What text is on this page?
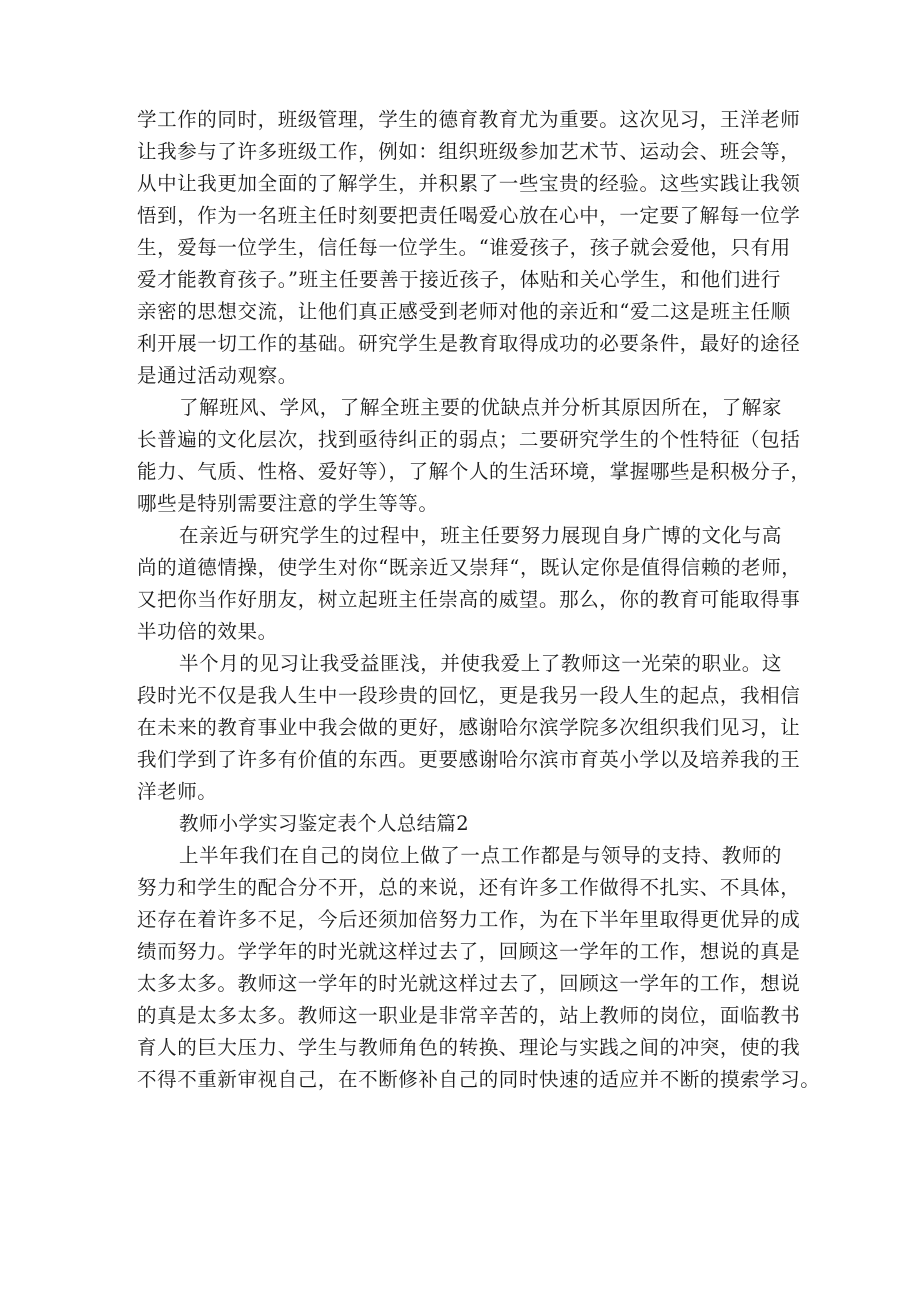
学工作的同时，班级管理，学生的德育教育尤为重要。这次见习，王洋老师
让我参与了许多班级工作，例如：组织班级参加艺术节、运动会、班会等，
从中让我更加全面的了解学生，并积累了一些宝贵的经验。这些实践让我领
悟到，作为一名班主任时刻要把责任喝爱心放在心中，一定要了解每一位学
生，爱每一位学生，信任每一位学生。“谁爱孩子，孩子就会爱他，只有用
爱才能教育孩子。”班主任要善于接近孩子，体贴和关心学生，和他们进行
亲密的思想交流，让他们真正感受到老师对他的亲近和“爱二这是班主任顺
利开展一切工作的基础。研究学生是教育取得成功的必要条件，最好的途径
是通过活动观察。
了解班风、学风，了解全班主要的优缺点并分析其原因所在，了解家
长普遍的文化层次，找到亟待纠正的弱点；二要研究学生的个性特征（包括
能力、气质、性格、爱好等），了解个人的生活环境，掌握哪些是积极分子，
哪些是特别需要注意的学生等等。
在亲近与研究学生的过程中，班主任要努力展现自身广博的文化与高
尚的道德情操，使学生对你“既亲近又崇拜“，既认定你是值得信赖的老师，
又把你当作好朋友，树立起班主任崇高的威望。那么，你的教育可能取得事
半功倍的效果。
半个月的见习让我受益匪浅，并使我爱上了教师这一光荣的职业。这
段时光不仅是我人生中一段珍贵的回忆，更是我另一段人生的起点，我相信
在未来的教育事业中我会做的更好，感谢哈尔滨学院多次组织我们见习，让
我们学到了许多有价值的东西。更要感谢哈尔滨市育英小学以及培养我的王
洋老师。
教师小学实习鉴定表个人总结篇2
上半年我们在自己的岗位上做了一点工作都是与领导的支持、教师的
努力和学生的配合分不开，总的来说，还有许多工作做得不扎实、不具体，
还存在着许多不足，今后还须加倍努力工作，为在下半年里取得更优异的成
绩而努力。学学年的时光就这样过去了，回顾这一学年的工作，想说的真是
太多太多。教师这一学年的时光就这样过去了，回顾这一学年的工作，想说
的真是太多太多。教师这一职业是非常辛苦的，站上教师的岗位，面临教书
育人的巨大压力、学生与教师角色的转换、理论与实践之间的冲突，使的我
不得不重新审视自己，在不断修补自己的同时快速的适应并不断的摸索学习。
